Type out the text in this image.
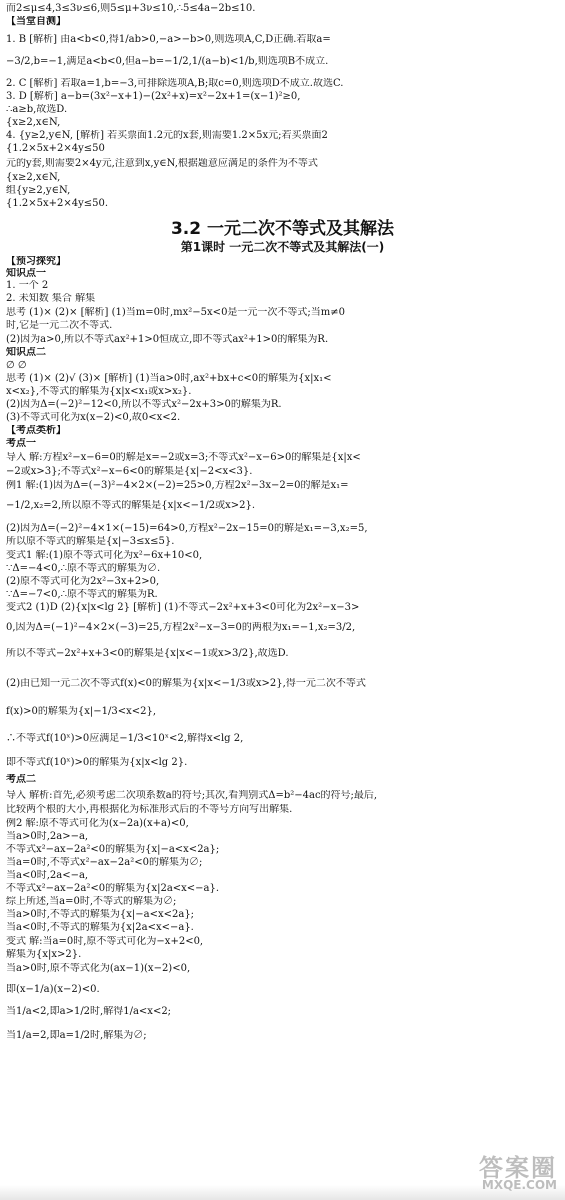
而2≤μ≤4,3≤3ν≤6,则5≤μ+3ν≤10,∴5≤4a−2b≤10.
【当堂自测】
1. B [解析] 由a<b<0,得1/ab>0,−a>−b>0,则选项A,C,D正确.若取a=
−3/2,b=−1,满足a<b<0,但a−b=−1/2,1/(a−b)<1/b,则选项B不成立.
2. C [解析] 若取a=1,b=−3,可排除选项A,B;取c=0,则选项D不成立.故选C.
3. D [解析] a−b=(3x²−x+1)−(2x²+x)=x²−2x+1=(x−1)²≥0,
∴a≥b,故选D.
{x≥2,x∈N,
4. {y≥2,y∈N, [解析] 若买票面1.2元的x套,则需要1.2×5x元;若买票面2
{1.2×5x+2×4y≤50
元的y套,则需要2×4y元,注意到x,y∈N,根据题意应满足的条件为不等式
{x≥2,x∈N,
组{y≥2,y∈N,
{1.2×5x+2×4y≤50.
3.2 一元二次不等式及其解法
第1课时 一元二次不等式及其解法(一)
【预习探究】
知识点一
1. 一个 2
2. 未知数 集合 解集
思考 (1)× (2)× [解析] (1)当m=0时,mx²−5x<0是一元一次不等式;当m≠0
时,它是一元二次不等式.
(2)因为a>0,所以不等式ax²+1>0恒成立,即不等式ax²+1>0的解集为R.
知识点二
∅ ∅
思考 (1)× (2)√ (3)× [解析] (1)当a>0时,ax²+bx+c<0的解集为{x|x₁<
x<x₂},不等式的解集为{x|x<x₁或x>x₂}.
(2)因为Δ=(−2)²−12<0,所以不等式x²−2x+3>0的解集为R.
(3)不等式可化为x(x−2)<0,故0<x<2.
【考点类析】
考点一
导入 解:方程x²−x−6=0的解是x=−2或x=3;不等式x²−x−6>0的解集是{x|x<
−2或x>3};不等式x²−x−6<0的解集是{x|−2<x<3}.
例1 解:(1)因为Δ=(−3)²−4×2×(−2)=25>0,方程2x²−3x−2=0的解是x₁=
−1/2,x₂=2,所以原不等式的解集是{x|x<−1/2或x>2}.
(2)因为Δ=(−2)²−4×1×(−15)=64>0,方程x²−2x−15=0的解是x₁=−3,x₂=5,
所以原不等式的解集是{x|−3≤x≤5}.
变式1 解:(1)原不等式可化为x²−6x+10<0,
∵Δ=−4<0,∴原不等式的解集为∅.
(2)原不等式可化为2x²−3x+2>0,
∵Δ=−7<0,∴原不等式的解集为R.
变式2 (1)D (2){x|x<lg 2} [解析] (1)不等式−2x²+x+3<0可化为2x²−x−3>
0,因为Δ=(−1)²−4×2×(−3)=25,方程2x²−x−3=0的两根为x₁=−1,x₂=3/2,
所以不等式−2x²+x+3<0的解集是{x|x<−1或x>3/2},故选D.
(2)由已知一元二次不等式f(x)<0的解集为{x|x<−1/3或x>2},得一元二次不等式
f(x)>0的解集为{x|−1/3<x<2},
∴不等式f(10ˣ)>0应满足−1/3<10ˣ<2,解得x<lg 2,
即不等式f(10ˣ)>0的解集为{x|x<lg 2}.
考点二
导入 解析:首先,必须考虑二次项系数a的符号;其次,看判别式Δ=b²−4ac的符号;最后,
比较两个根的大小,再根据化为标准形式后的不等号方向写出解集.
例2 解:原不等式可化为(x−2a)(x+a)<0,
当a>0时,2a>−a,
不等式x²−ax−2a²<0的解集为{x|−a<x<2a};
当a=0时,不等式x²−ax−2a²<0的解集为∅;
当a<0时,2a<−a,
不等式x²−ax−2a²<0的解集为{x|2a<x<−a}.
综上所述,当a=0时,不等式的解集为∅;
当a>0时,不等式的解集为{x|−a<x<2a};
当a<0时,不等式的解集为{x|2a<x<−a}.
变式 解:当a=0时,原不等式可化为−x+2<0,
解集为{x|x>2}.
当a>0时,原不等式化为(ax−1)(x−2)<0,
即(x−1/a)(x−2)<0.
当1/a<2,即a>1/2时,解得1/a<x<2;
当1/a=2,即a=1/2时,解集为∅;
答案圈
MXQE.COM
